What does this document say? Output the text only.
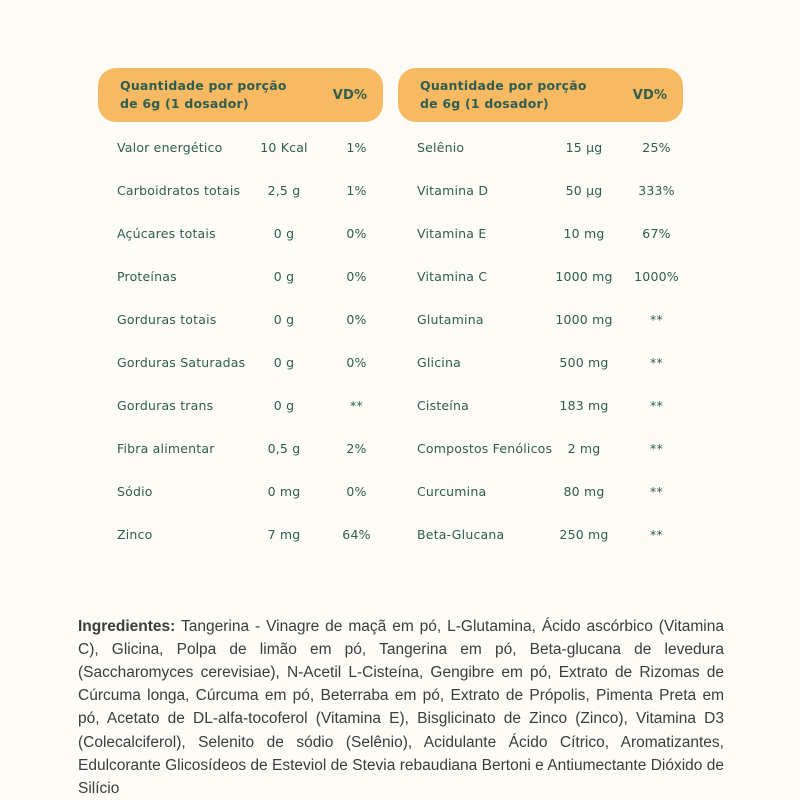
Quantidade por porção
de 6g (1 dosador)
VD%
Valor energético	10 Kcal	1%
Carboidratos totais	2,5 g	1%
Açúcares totais	0 g	0%
Proteínas	0 g	0%
Gorduras totais	0 g	0%
Gorduras Saturadas	0 g	0%
Gorduras trans	0 g	**
Fibra alimentar	0,5 g	2%
Sódio	0 mg	0%
Zinco	7 mg	64%
Quantidade por porção
de 6g (1 dosador)
VD%
Selênio	15 µg	25%
Vitamina D	50 µg	333%
Vitamina E	10 mg	67%
Vitamina C	1000 mg	1000%
Glutamina	1000 mg	**
Glicina	500 mg	**
Cisteína	183 mg	**
Compostos Fenólicos	2 mg	**
Curcumina	80 mg	**
Beta-Glucana	250 mg	**

Ingredientes: Tangerina - Vinagre de maçã em pó, L-Glutamina, Ácido ascórbico (Vitamina C), Glicina, Polpa de limão em pó, Tangerina em pó, Beta-glucana de levedura (Saccharomyces cerevisiae), N-Acetil L-Cisteína, Gengibre em pó, Extrato de Rizomas de Cúrcuma longa, Cúrcuma em pó, Beterraba em pó, Extrato de Própolis, Pimenta Preta em pó, Acetato de DL-alfa-tocoferol (Vitamina E), Bisglicinato de Zinco (Zinco), Vitamina D3 (Colecalciferol), Selenito de sódio (Selênio), Acidulante Ácido Cítrico, Aromatizantes, Edulcorante Glicosídeos de Esteviol de Stevia rebaudiana Bertoni e Antiumectante Dióxido de Silício
